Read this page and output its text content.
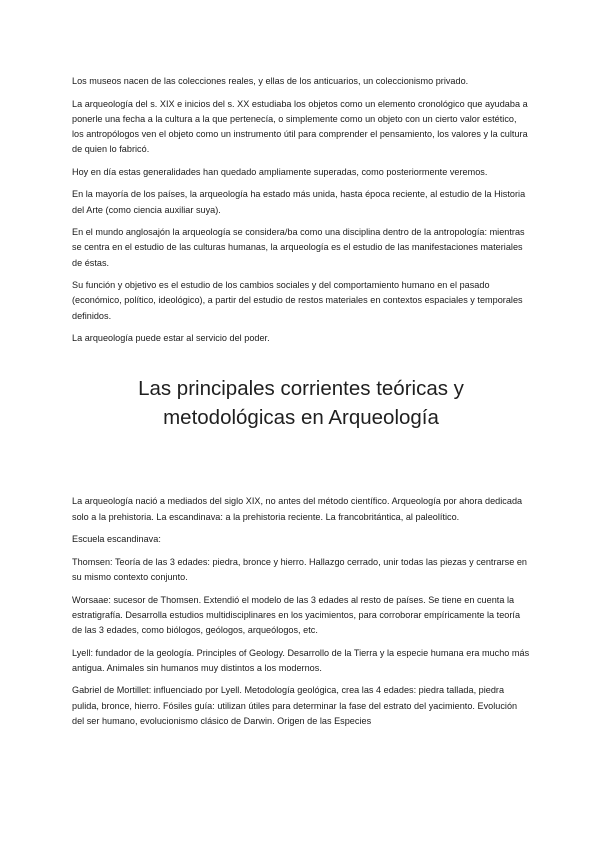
Los museos nacen de las colecciones reales, y ellas de los anticuarios, un coleccionismo privado.

La arqueología del s. XIX e inicios del s. XX estudiaba los objetos como un elemento cronológico que ayudaba a ponerle una fecha a la cultura a la que pertenecía, o simplemente como un objeto con un cierto valor estético, los antropólogos ven el objeto como un instrumento útil para comprender el pensamiento, los valores y la cultura de quien lo fabricó.

Hoy en día estas generalidades han quedado ampliamente superadas, como posteriormente veremos.

En la mayoría de los países, la arqueología ha estado más unida, hasta época reciente, al estudio de la Historia del Arte (como ciencia auxiliar suya).

En el mundo anglosajón la arqueología se considera/ba como una disciplina dentro de la antropología: mientras se centra en el estudio de las culturas humanas, la arqueología es el estudio de las manifestaciones materiales de éstas.

Su función y objetivo es el estudio de los cambios sociales y del comportamiento humano en el pasado (económico, político, ideológico), a partir del estudio de restos materiales en contextos espaciales y temporales definidos.

La arqueología puede estar al servicio del poder.

Las principales corrientes teóricas y
metodológicas en Arqueología

La arqueología nació a mediados del siglo XIX, no antes del método científico. Arqueología por ahora dedicada solo a la prehistoria. La escandinava: a la prehistoria reciente. La francobritántica, al paleolítico.

Escuela escandinava:

Thomsen: Teoría de las 3 edades: piedra, bronce y hierro. Hallazgo cerrado, unir todas las piezas y centrarse en su mismo contexto conjunto.

Worsaae: sucesor de Thomsen. Extendió el modelo de las 3 edades al resto de países. Se tiene en cuenta la estratigrafía. Desarrolla estudios multidisciplinares en los yacimientos, para corroborar empíricamente la teoría de las 3 edades, como biólogos, geólogos, arqueólogos, etc.

Lyell: fundador de la geología. Principles of Geology. Desarrollo de la Tierra y la especie humana era mucho más antigua. Animales sin humanos muy distintos a los modernos.

Gabriel de Mortillet: influenciado por Lyell. Metodología geológica, crea las 4 edades: piedra tallada, piedra pulida, bronce, hierro. Fósiles guía: utilizan útiles para determinar la fase del estrato del yacimiento. Evolución del ser humano, evolucionismo clásico de Darwin. Origen de las Especies
